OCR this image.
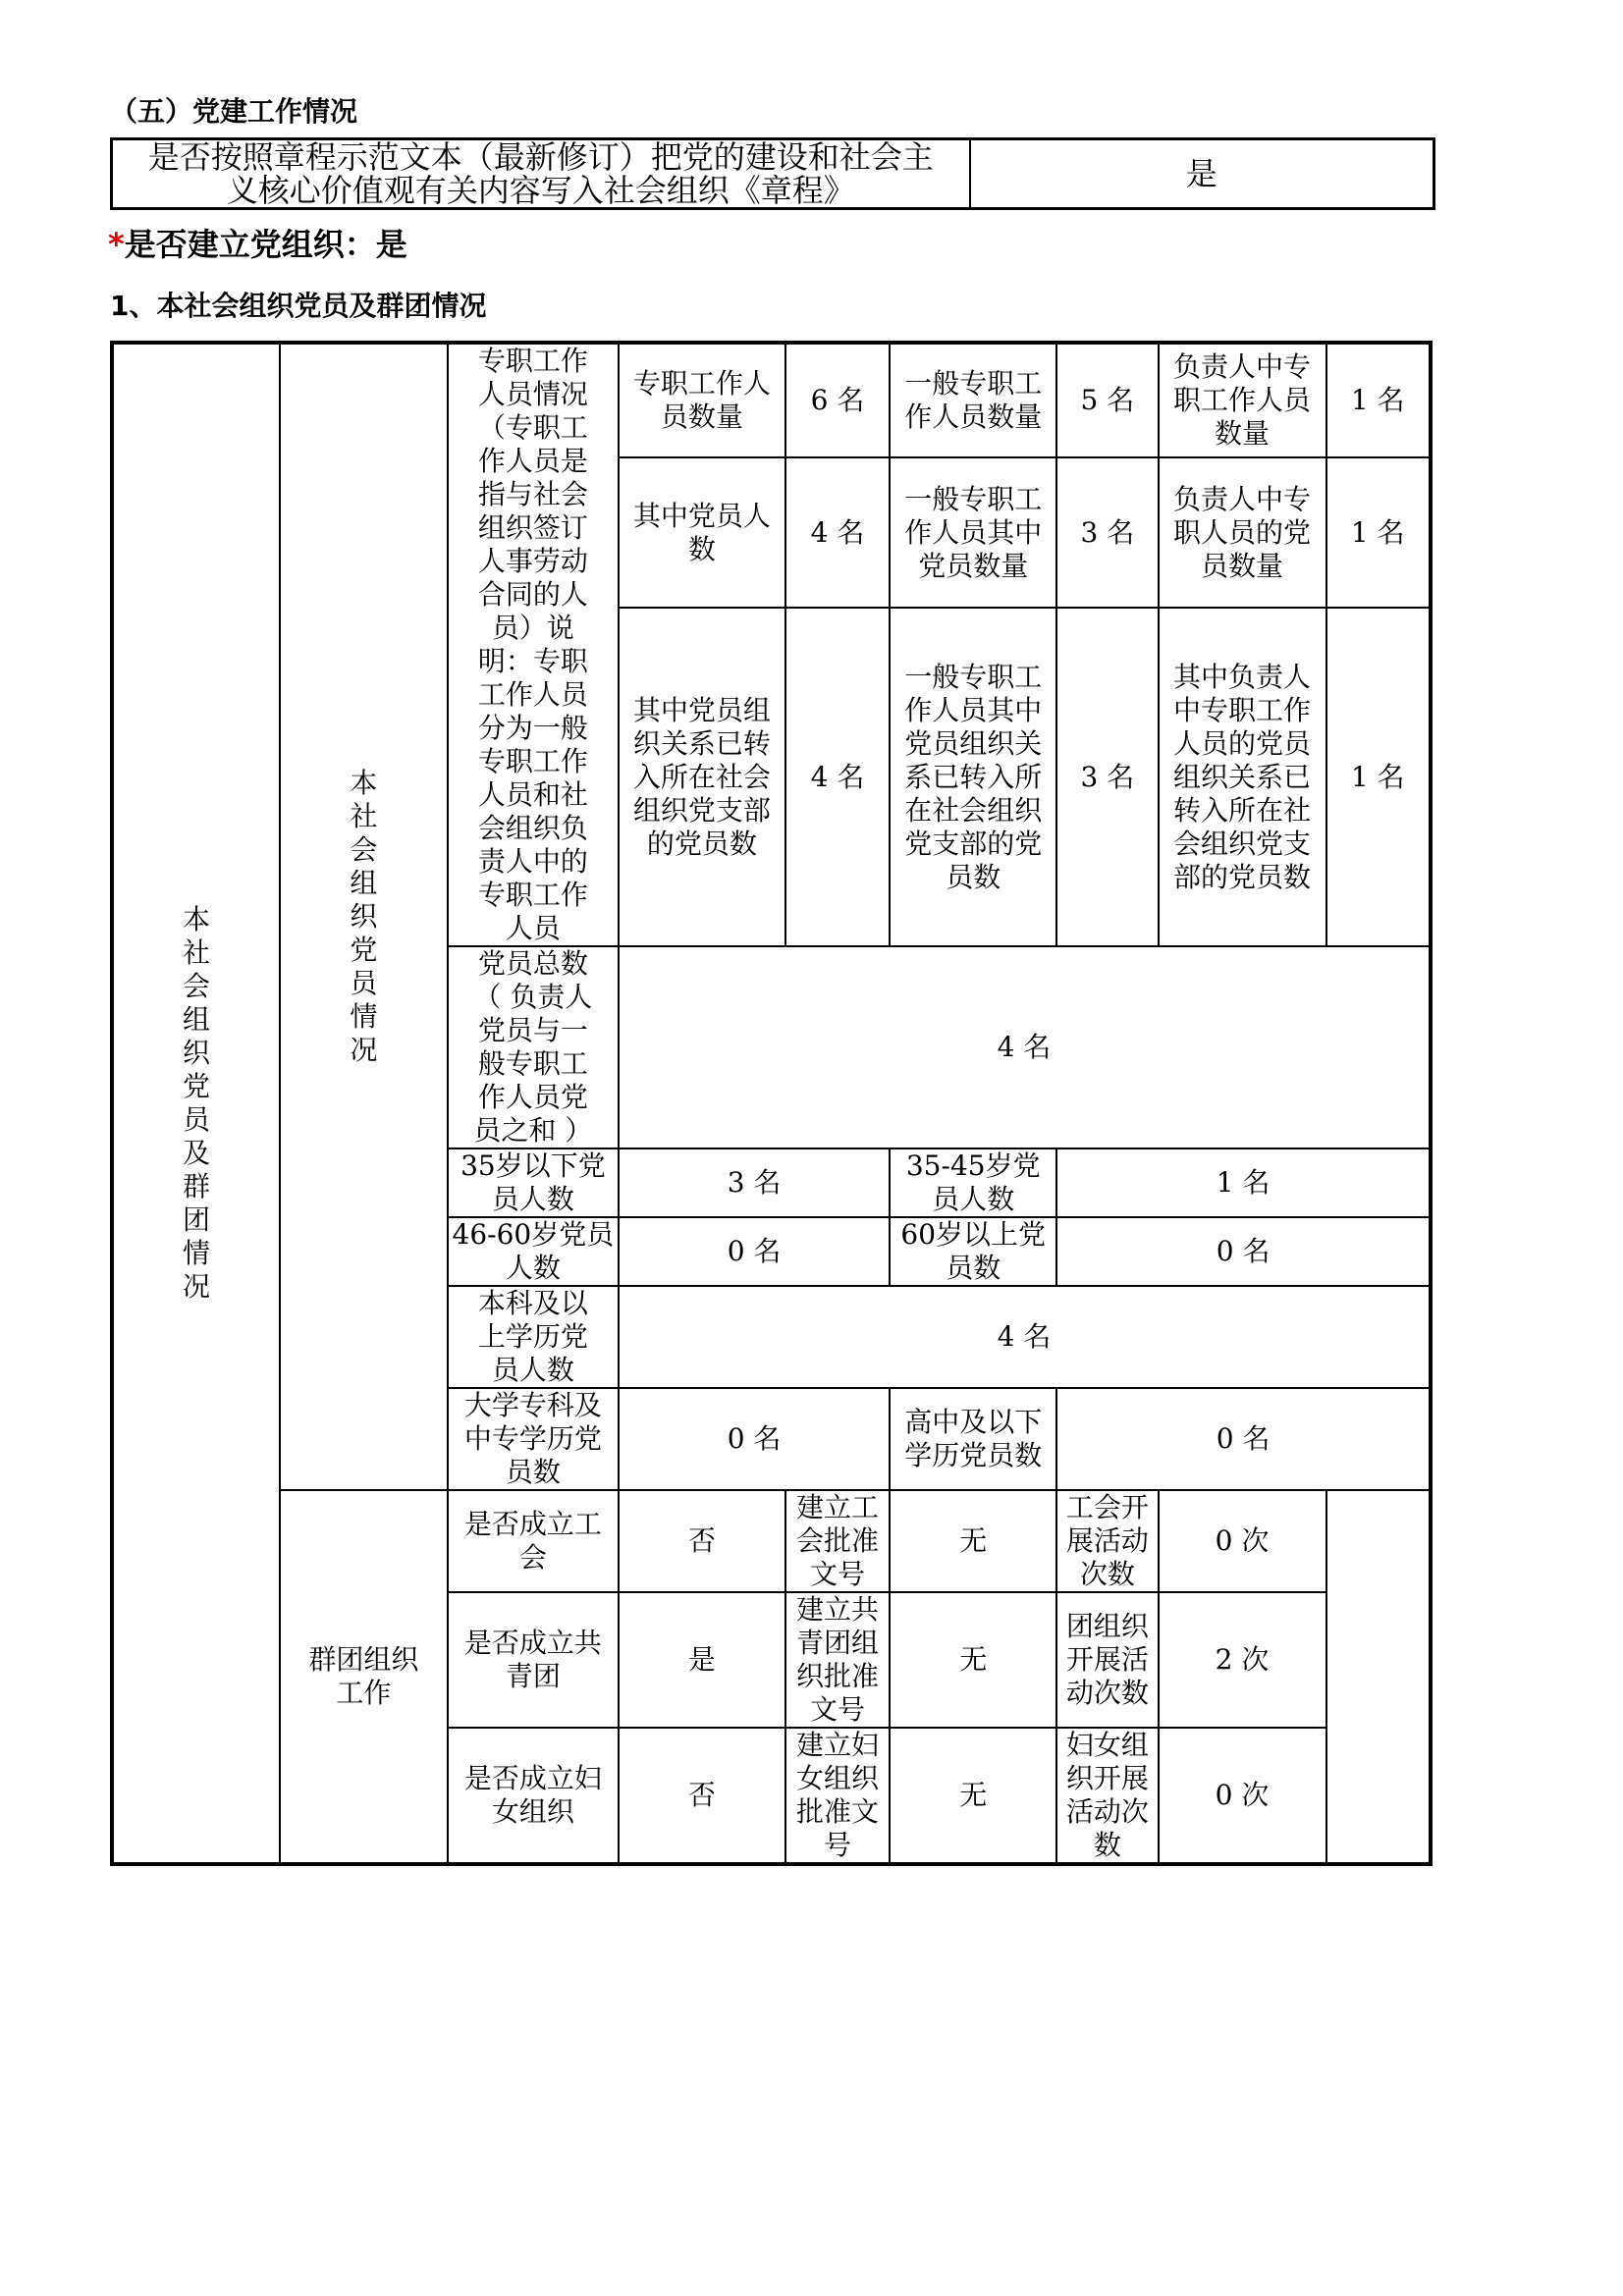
（五）党建工作情况
是否按照章程示范文本（最新修订）把党的建设和社会主义核心价值观有关内容写入社会组织《章程》	是
*是否建立党组织：是
1、本社会组织党员及群团情况
本社会组织党员及群团情况	本社会组织党员情况	专职工作人员情况（专职工作人员是指与社会组织签订人事劳动合同的人员）说明：专职工作人员分为一般专职工作人员和社会组织负责人中的专职工作人员	专职工作人员数量	6 名	一般专职工作人员数量	5 名	负责人中专职工作人员数量	1 名
			其中党员人数	4 名	一般专职工作人员其中党员数量	3 名	负责人中专职人员的党员数量	1 名
			其中党员组织关系已转入所在社会组织党支部的党员数	4 名	一般专职工作人员其中党员组织关系已转入所在社会组织党支部的党员数	3 名	其中负责人中专职工作人员的党员组织关系已转入所在社会组织党支部的党员数	1 名
		党员总数（ 负责人党员与一般专职工作人员党员之和 ）	4 名					
		35岁以下党员人数	3 名		35-45岁党员人数	1 名		
		46-60岁党员人数	0 名		60岁以上党员数	0 名		
		本科及以上学历党员人数	4 名					
		大学专科及中专学历党员数	0 名		高中及以下学历党员数	0 名		

	群团组织工作	是否成立工会	否	建立工会批准文号	无	工会开展活动次数	0 次	
		是否成立共青团	是	建立共青团组织批准文号	无	团组织开展活动次数	2 次	
		是否成立妇女组织	否	建立妇女组织批准文号	无	妇女组织开展活动次数	0 次	
